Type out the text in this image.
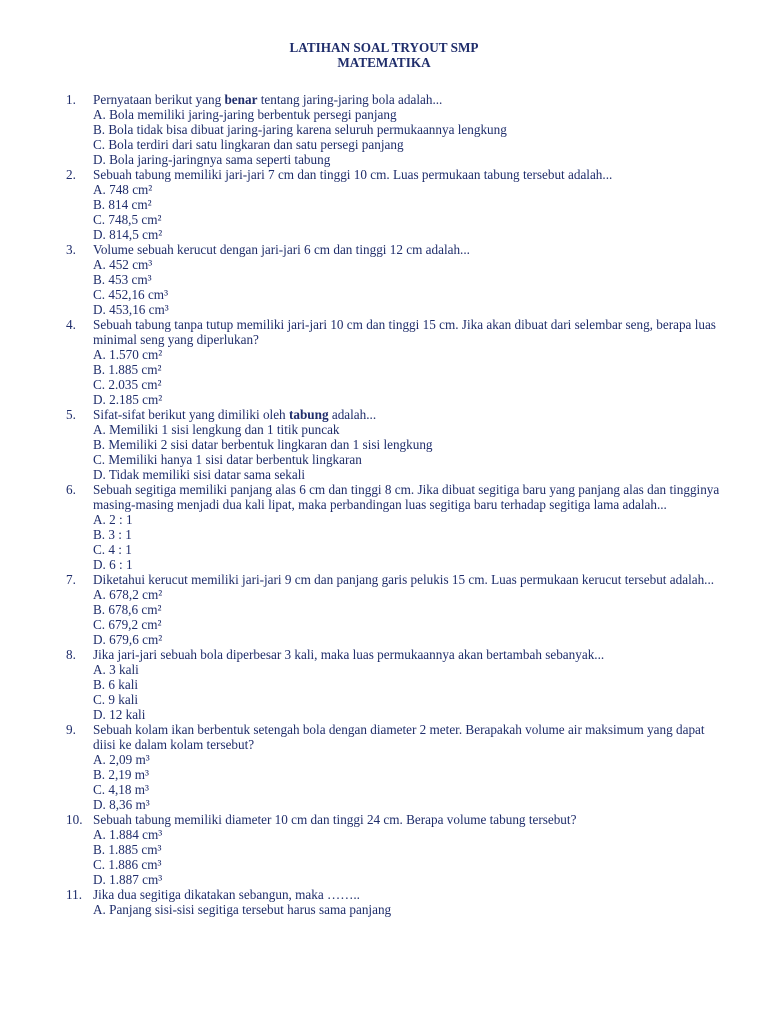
LATIHAN SOAL TRYOUT SMP
MATEMATIKA
1.	Pernyataan berikut yang benar tentang jaring-jaring bola adalah...
A. Bola memiliki jaring-jaring berbentuk persegi panjang
B. Bola tidak bisa dibuat jaring-jaring karena seluruh permukaannya lengkung
C. Bola terdiri dari satu lingkaran dan satu persegi panjang
D. Bola jaring-jaringnya sama seperti tabung
2.	Sebuah tabung memiliki jari-jari 7 cm dan tinggi 10 cm. Luas permukaan tabung tersebut adalah...
A. 748 cm²
B. 814 cm²
C. 748,5 cm²
D. 814,5 cm²
3.	Volume sebuah kerucut dengan jari-jari 6 cm dan tinggi 12 cm adalah...
A. 452 cm³
B. 453 cm³
C. 452,16 cm³
D. 453,16 cm³
4.	Sebuah tabung tanpa tutup memiliki jari-jari 10 cm dan tinggi 15 cm. Jika akan dibuat dari selembar seng, berapa luas minimal seng yang diperlukan?
A. 1.570 cm²
B. 1.885 cm²
C. 2.035 cm²
D. 2.185 cm²
5.	Sifat-sifat berikut yang dimiliki oleh tabung adalah...
A. Memiliki 1 sisi lengkung dan 1 titik puncak
B. Memiliki 2 sisi datar berbentuk lingkaran dan 1 sisi lengkung
C. Memiliki hanya 1 sisi datar berbentuk lingkaran
D. Tidak memiliki sisi datar sama sekali
6.	Sebuah segitiga memiliki panjang alas 6 cm dan tinggi 8 cm. Jika dibuat segitiga baru yang panjang alas dan tingginya masing-masing menjadi dua kali lipat, maka perbandingan luas segitiga baru terhadap segitiga lama adalah...
A. 2 : 1
B. 3 : 1
C. 4 : 1
D. 6 : 1
7.	Diketahui kerucut memiliki jari-jari 9 cm dan panjang garis pelukis 15 cm. Luas permukaan kerucut tersebut adalah...
A. 678,2 cm²
B. 678,6 cm²
C. 679,2 cm²
D. 679,6 cm²
8.	Jika jari-jari sebuah bola diperbesar 3 kali, maka luas permukaannya akan bertambah sebanyak...
A. 3 kali
B. 6 kali
C. 9 kali
D. 12 kali
9.	Sebuah kolam ikan berbentuk setengah bola dengan diameter 2 meter. Berapakah volume air maksimum yang dapat diisi ke dalam kolam tersebut?
A. 2,09 m³
B. 2,19 m³
C. 4,18 m³
D. 8,36 m³
10. Sebuah tabung memiliki diameter 10 cm dan tinggi 24 cm. Berapa volume tabung tersebut?
A. 1.884 cm³
B. 1.885 cm³
C. 1.886 cm³
D. 1.887 cm³
11. Jika dua segitiga dikatakan sebangun, maka ……..
A. Panjang sisi-sisi segitiga tersebut harus sama panjang
